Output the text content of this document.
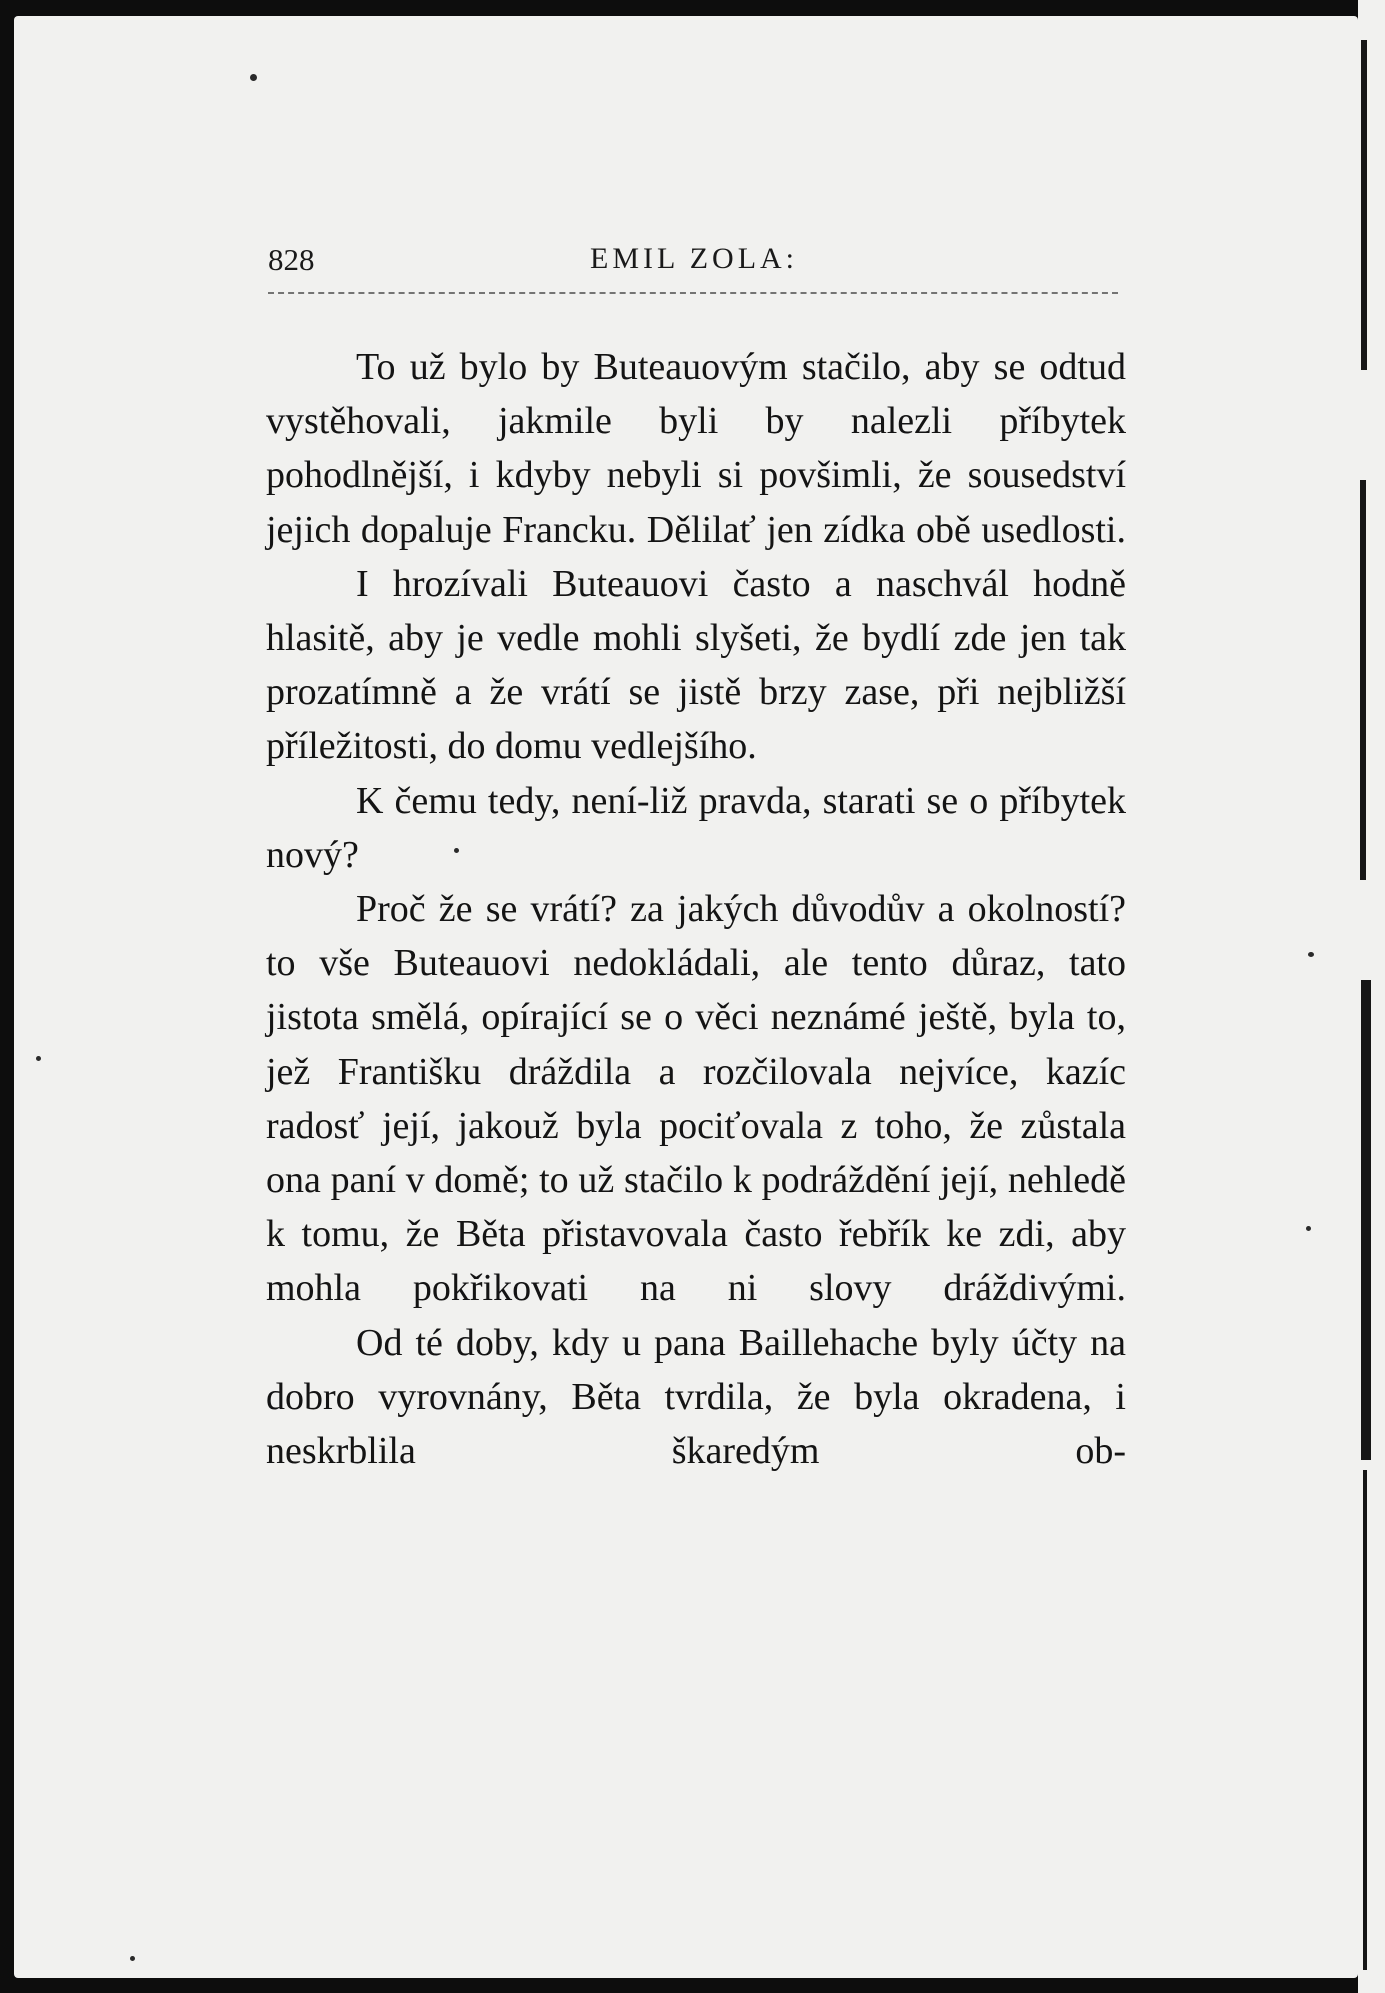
828	EMIL ZOLA:

To už bylo by Buteauovým stačilo, aby se odtud vystěhovali, jakmile byli by nalezli příbytek pohodlnější, i kdyby nebyli si povšimli, že sousedství jejich dopaluje Francku. Dělilať jen zídka obě usedlosti.

I hrozívali Buteauovi často a naschvál hodně hlasitě, aby je vedle mohli slyšeti, že bydlí zde jen tak prozatímně a že vrátí se jistě brzy zase, při nejbližší příležitosti, do domu vedlejšího.

K čemu tedy, není-liž pravda, starati se o příbytek nový?

Proč že se vrátí? za jakých důvodův a okolností? to vše Buteauovi nedokládali, ale tento důraz, tato jistota smělá, opírající se o věci neznámé ještě, byla to, jež Františku dráždila a rozčilovala nejvíce, kazíc radosť její, jakouž byla pociťovala z toho, že zůstala ona paní v domě; to už stačilo k podráždění její, nehledě k tomu, že Běta přistavovala často řebřík ke zdi, aby mohla pokřikovati na ni slovy dráždivými.

Od té doby, kdy u pana Baillehache byly účty na dobro vyrovnány, Běta tvrdila, že byla okradena, i neskrblila škaredým ob-
